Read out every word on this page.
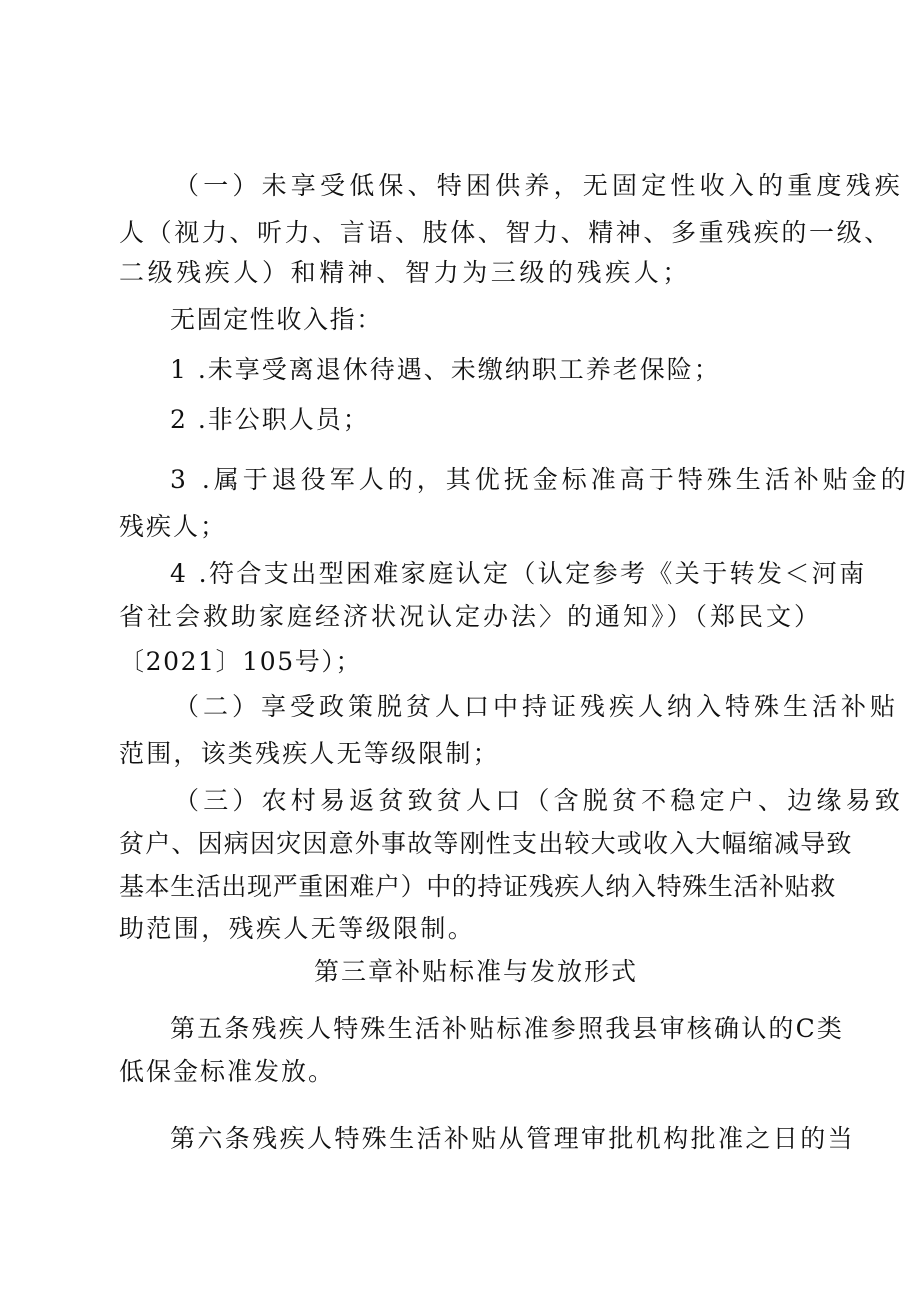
（一）未享受低保、特困供养，无固定性收入的重度残疾

人（视力、听力、言语、肢体、智力、精神、多重残疾的一级、

二级残疾人）和精神、智力为三级的残疾人；

无固定性收入指：

1 .未享受离退休待遇、未缴纳职工养老保险；

2 .非公职人员；

3 .属于退役军人的，其优抚金标准高于特殊生活补贴金的

残疾人；

4 .符合支出型困难家庭认定（认定参考《关于转发＜河南

省社会救助家庭经济状况认定办法〉的通知》）（郑民文）

〔2021〕105号）；

（二）享受政策脱贫人口中持证残疾人纳入特殊生活补贴

范围，该类残疾人无等级限制；

（三）农村易返贫致贫人口（含脱贫不稳定户、边缘易致

贫户、因病因灾因意外事故等刚性支出较大或收入大幅缩减导致

基本生活出现严重困难户）中的持证残疾人纳入特殊生活补贴救

助范围，残疾人无等级限制。

第三章补贴标准与发放形式

第五条残疾人特殊生活补贴标准参照我县审核确认的C类

低保金标准发放。

第六条残疾人特殊生活补贴从管理审批机构批准之日的当
